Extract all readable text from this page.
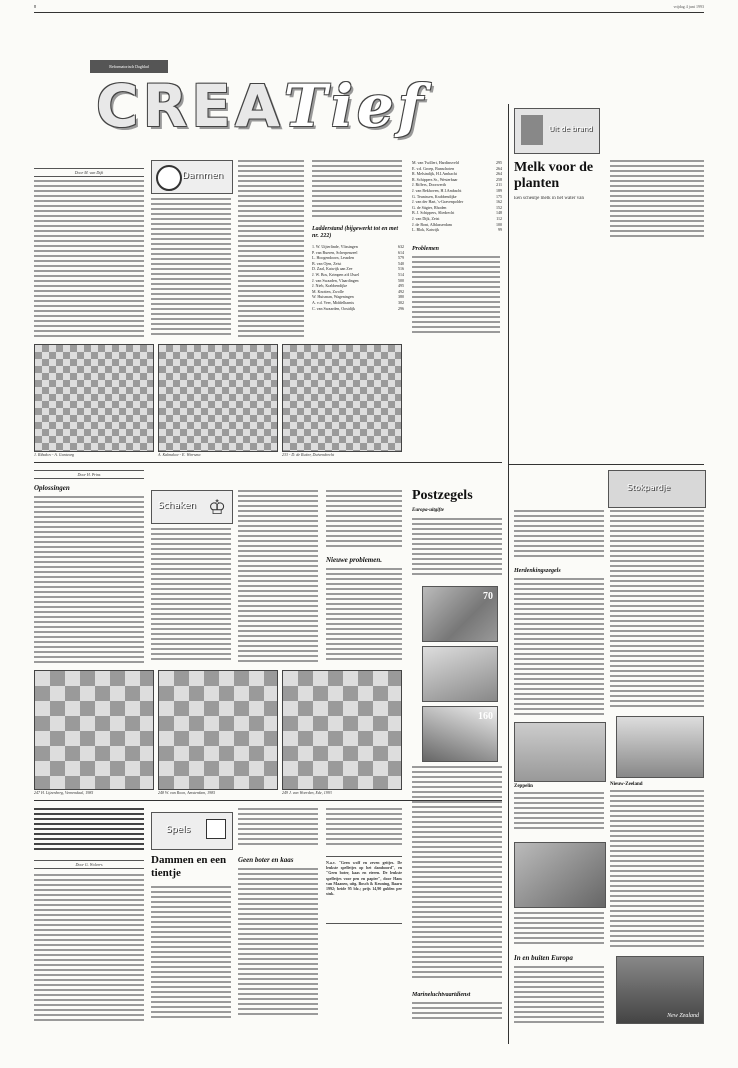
8	vrijdag 4 juni 1993
Reformatorisch Dagblad
CREATief
Door M. van Dijk	Dammen
Ladderstand (bijgewerkt tot en met nr. 222)
1. W. Uijterlinde, Vlissingen	632
P. van Bueren, Scherpenzeel	614
L. Hoogendoorn, Leusden	579
B. van Ojen, Zeist	540
D. Zaal, Katwijk aan Zee	516
J. W. Bos, Krimpen a/d IJssel	514
J. van Swaaden, Vlaardingen	500
J. Nieb, Krabbendijke	495
M. Knotten, Zwolle	492
W. Huisman, Wageningen	380
A. v.d. Veer, Middelharnis	302
C. van Swaarden, Oostdijk	296
M. van Twillert, Hardinxveld	295
E. v.d. Groep, Bunschoten	264
R. Melsindijk, H.I.Ambacht	264
R. Schippers Sr., Westerbaar	258
J. Riffers, Doorwerth	211
J. van Bekhoven, H.I.Ambacht	189
G. Teunissen, Krabbendijke	175
J. van der Hart, 's-Gravenpolder	162
G. de Sügter, Rhoden	152
B. J. Schippers, Sliedrecht	148
J. van Dijk, Zeist	112
J. de Bont, Alblasserdam	100
L. Blok, Katwijk	99
Problemen
1. Ribakov - A. Gantvarg	A. Kalmakov - E. Wiersma	233 - D. de Ruiter, Duivendrecht
Door H. Prins
Oplossingen
Schaken ♔
Nieuwe problemen.
247 H. Lijzenberg, Veenendaal, 1985	248 W. van Roon, Amsterdam, 1985	249 J. van Woerden, Ede, 1993
Door G. Wolvers
Spels
Dammen en een tientje
Geen boter en kaas	N.a.v. "Geen wolf en zeven geitjes. De leukste spelletjes op het damboord", en "Geen boter, kaas en eieren. De leukste spelletjes voor pen en papier", door Hans van Maanen, uitg. Bosch & Keuning, Baarn 1992; beide 95 blz.; prijs 14,90 gulden per stuk.
Uit de brand
Melk voor de planten
Een scheutje melk in het water van
Stokpardje
Postzegels
Europa-uitgifte
70
160
Marineluchtvaartdienst
Herdenkingszegels
Zeppelin
In en buiten Europa
Nieuw-Zeeland
New Zealand
